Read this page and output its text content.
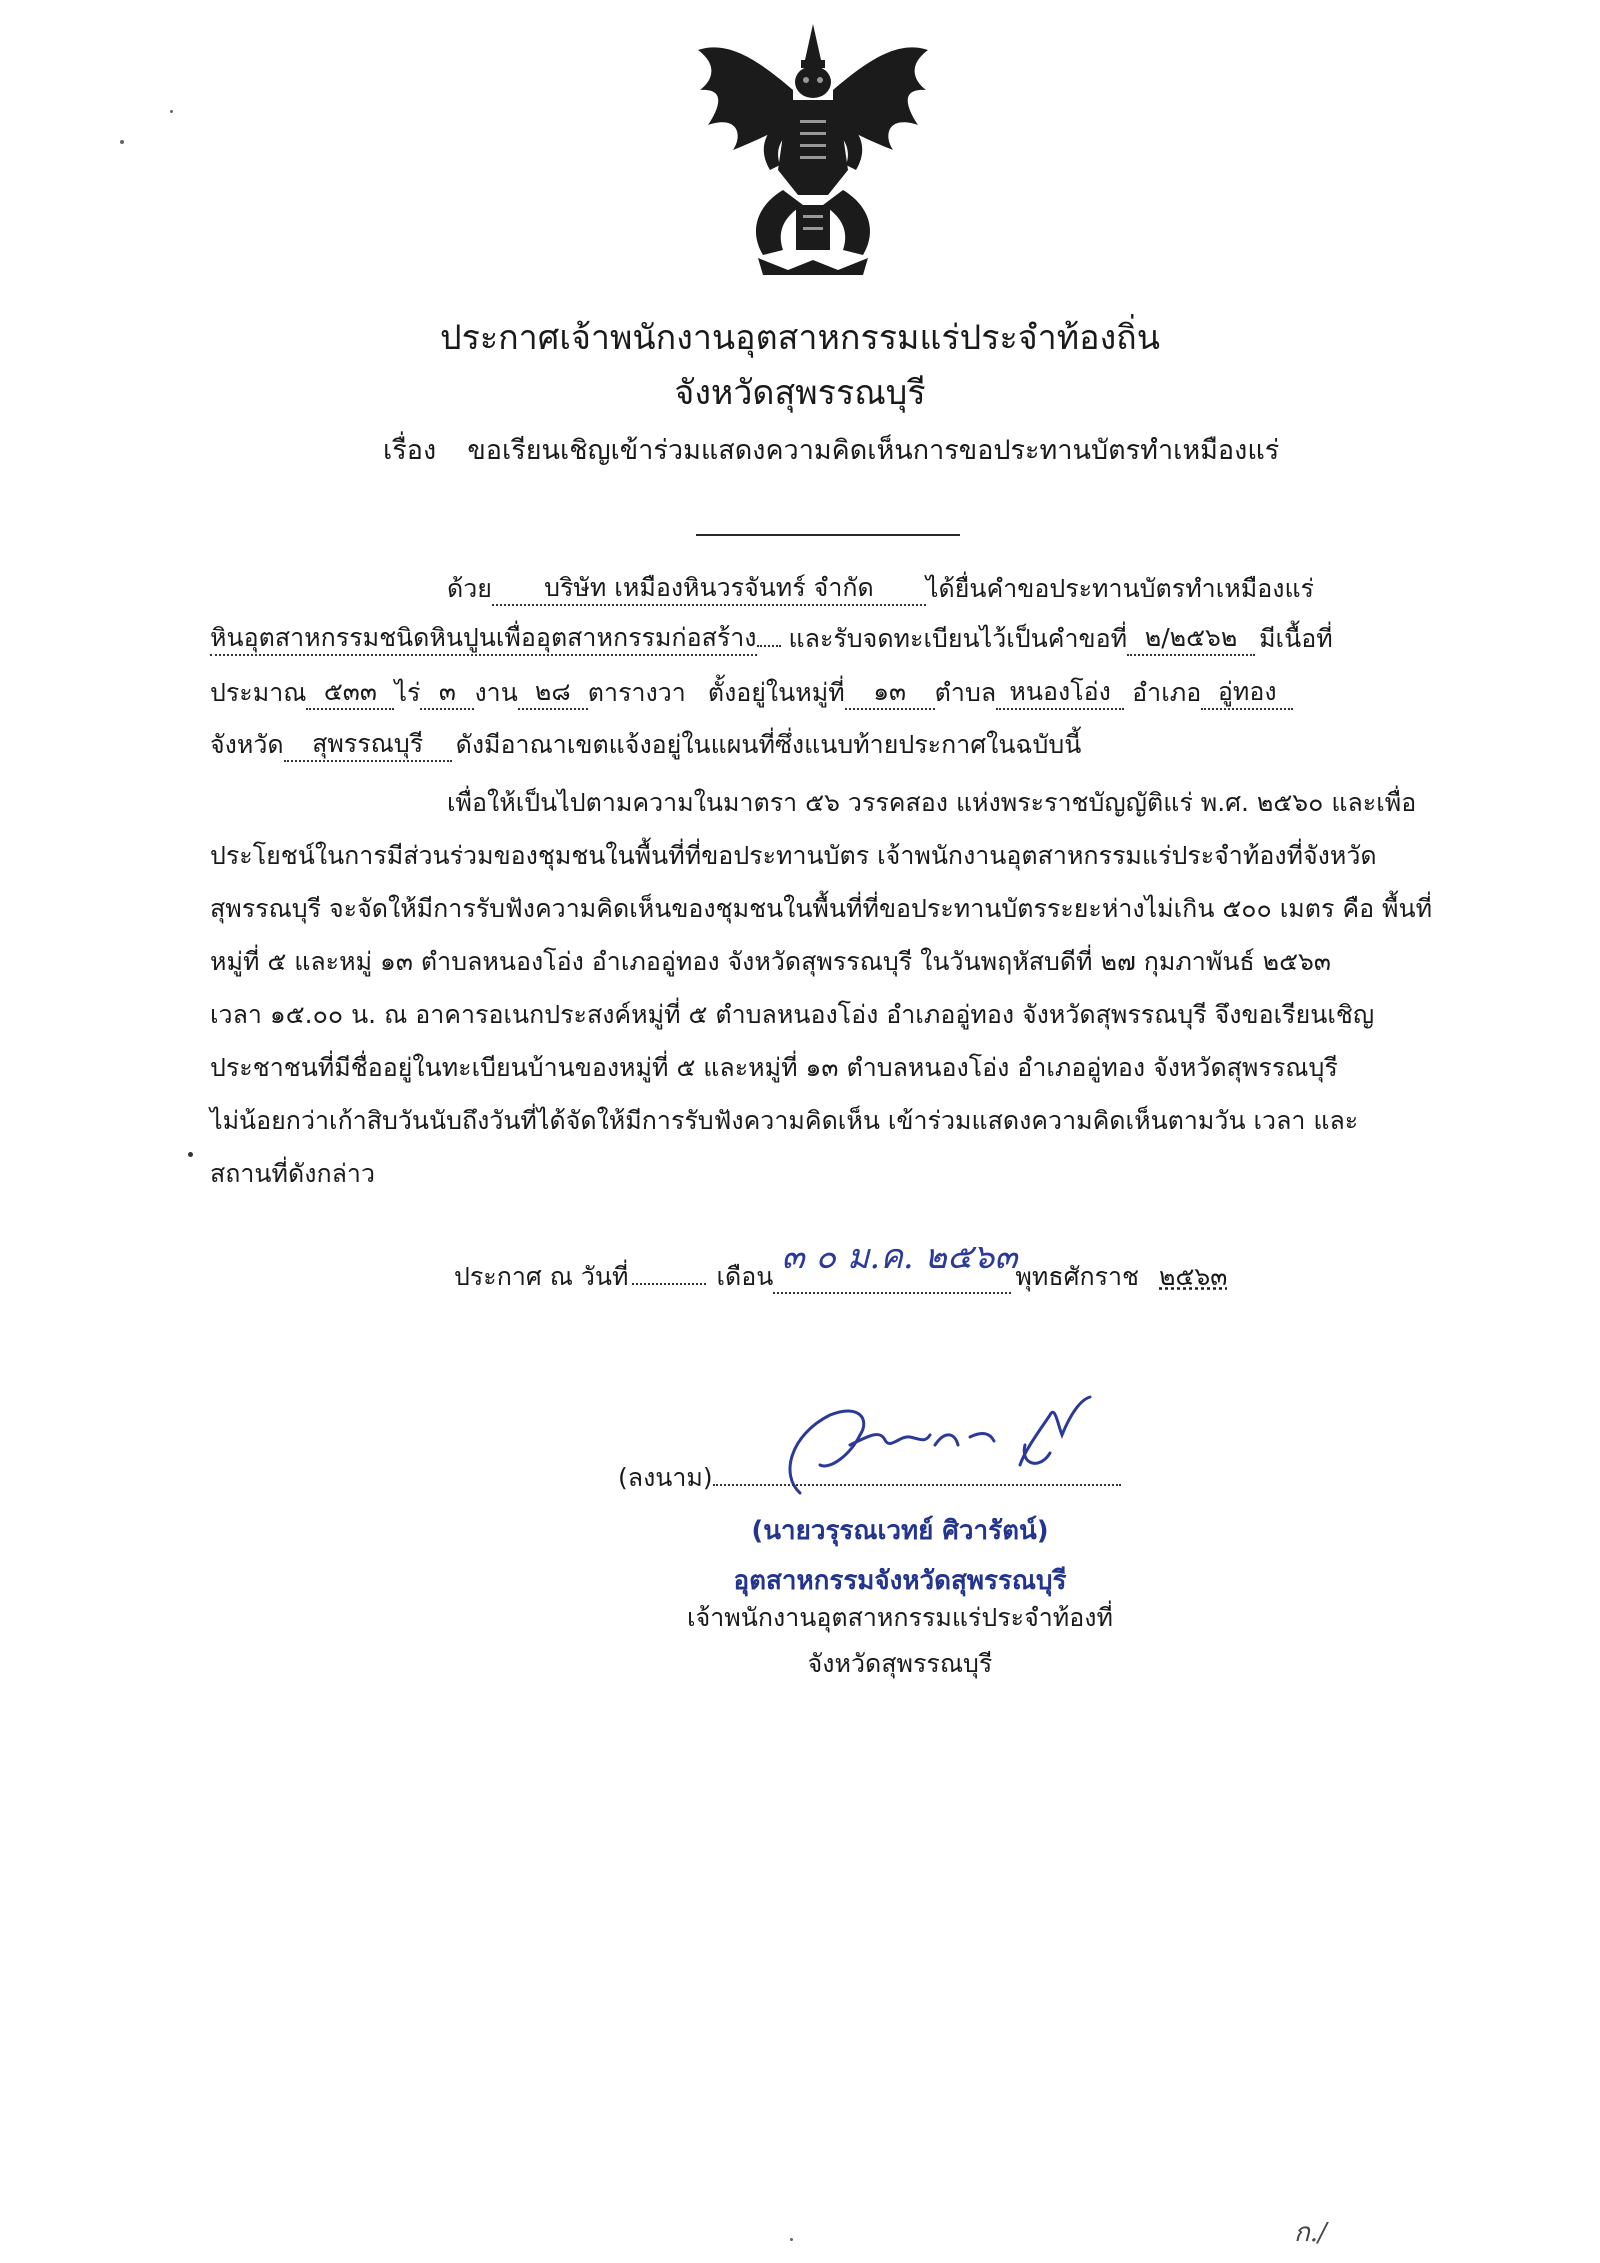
ประกาศเจ้าพนักงานอุตสาหกรรมแร่ประจำท้องถิ่น
จังหวัดสุพรรณบุรี
เรื่อง ขอเรียนเชิญเข้าร่วมแสดงความคิดเห็นการขอประทานบัตรทำเหมืองแร่
ด้วย บริษัท เหมืองหินวรจันทร์ จำกัด ได้ยื่นคำขอประทานบัตรทำเหมืองแร่
หินอุตสาหกรรมชนิดหินปูนเพื่ออุตสาหกรรมก่อสร้าง และรับจดทะเบียนไว้เป็นคำขอที่ ๒/๒๕๖๒ มีเนื้อที่
ประมาณ ๕๓๓ ไร่ ๓ งาน ๒๘ ตารางวา ตั้งอยู่ในหมู่ที่ ๑๓ ตำบล หนองโอ่ง อำเภอ อู่ทอง
จังหวัด สุพรรณบุรี ดังมีอาณาเขตแจ้งอยู่ในแผนที่ซึ่งแนบท้ายประกาศในฉบับนี้
เพื่อให้เป็นไปตามความในมาตรา ๕๖ วรรคสอง แห่งพระราชบัญญัติแร่ พ.ศ. ๒๕๖๐ และเพื่อ
ประโยชน์ในการมีส่วนร่วมของชุมชนในพื้นที่ที่ขอประทานบัตร เจ้าพนักงานอุตสาหกรรมแร่ประจำท้องที่จังหวัด
สุพรรณบุรี จะจัดให้มีการรับฟังความคิดเห็นของชุมชนในพื้นที่ที่ขอประทานบัตรระยะห่างไม่เกิน ๕๐๐ เมตร คือ พื้นที่
หมู่ที่ ๕ และหมู่ ๑๓ ตำบลหนองโอ่ง อำเภออู่ทอง จังหวัดสุพรรณบุรี ในวันพฤหัสบดีที่ ๒๗ กุมภาพันธ์ ๒๕๖๓
เวลา ๑๕.๐๐ น. ณ อาคารอเนกประสงค์หมู่ที่ ๕ ตำบลหนองโอ่ง อำเภออู่ทอง จังหวัดสุพรรณบุรี จึงขอเรียนเชิญ
ประชาชนที่มีชื่ออยู่ในทะเบียนบ้านของหมู่ที่ ๕ และหมู่ที่ ๑๓ ตำบลหนองโอ่ง อำเภออู่ทอง จังหวัดสุพรรณบุรี
ไม่น้อยกว่าเก้าสิบวันนับถึงวันที่ได้จัดให้มีการรับฟังความคิดเห็น เข้าร่วมแสดงความคิดเห็นตามวัน เวลา และ
สถานที่ดังกล่าว
ประกาศ ณ วันที่	เดือน ๓ ๐ ม.ค. ๒๕๖๓
พุทธศักราช ๒๕๖๓
(ลงนาม)
(นายวรุรณเวทย์ ศิวารัตน์)
อุตสาหกรรมจังหวัดสุพรรณบุรี
เจ้าพนักงานอุตสาหกรรมแร่ประจำท้องที่
จังหวัดสุพรรณบุรี
ก./
